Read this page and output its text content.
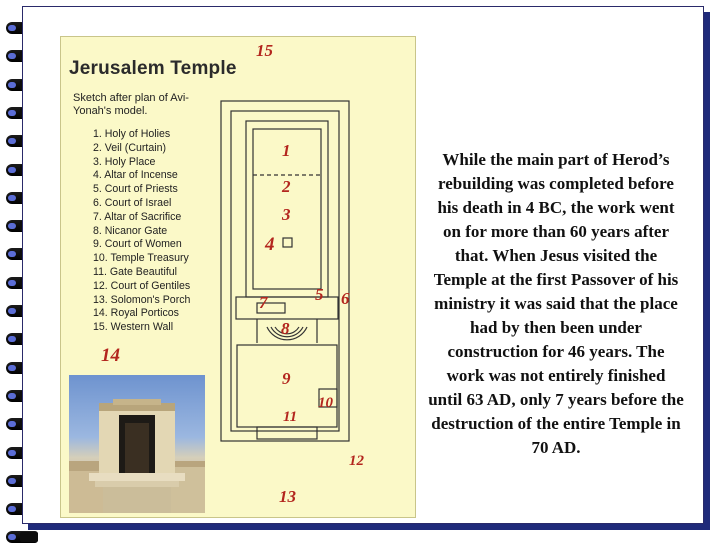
Jerusalem Temple
Sketch after plan of Avi-Yonah's model.
1. Holy of Holies
2. Veil (Curtain)
3. Holy Place
4. Altar of Incense
5. Court of Priests
6. Court of Israel
7. Altar of Sacrifice
8. Nicanor Gate
9. Court of Women
10. Temple Treasury
11. Gate Beautiful
12. Court of Gentiles
13. Solomon's Porch
14. Royal Porticos
15. Western Wall
1
2
3
4
5 6
7
8
9
10
11
12
13
14
15
While the main part of Herod’s rebuilding was completed before his death in 4 BC, the work went on for more than 60 years after that. When Jesus visited the Temple at the first Passover of his ministry it was said that the place had by then been under construction for 46 years. The work was not entirely finished until 63 AD, only 7 years before the destruction of the entire Temple in 70 AD.
